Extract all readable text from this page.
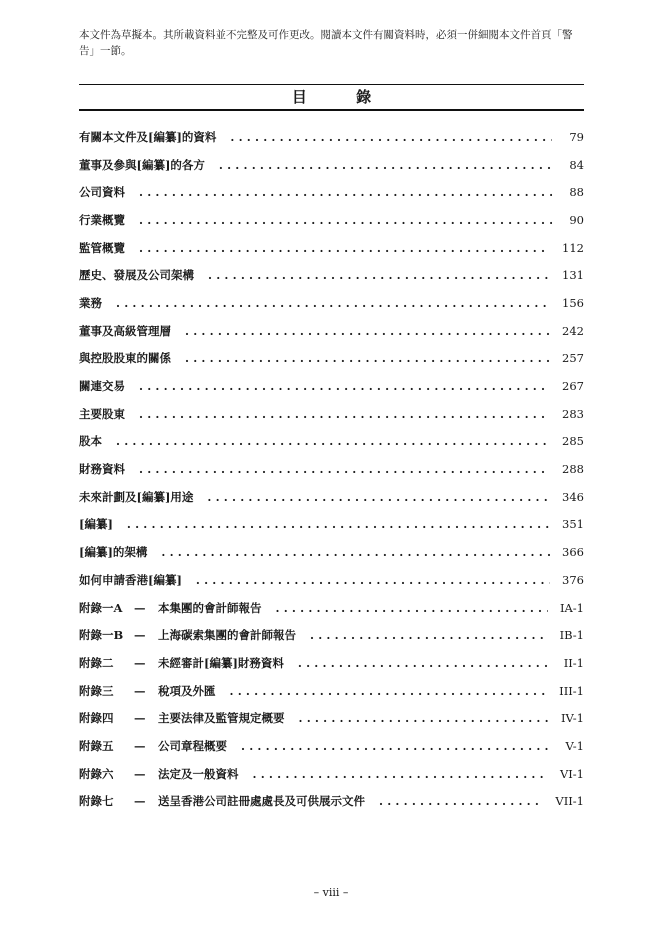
本文件為草擬本。其所載資料並不完整及可作更改。閱讀本文件有關資料時，必須一併細閱本文件首頁「警告」一節。
目 錄
有關本文件及[編纂]的資料 .....	79
董事及參與[編纂]的各方 .....	84
公司資料 .....	88
行業概覽 .....	90
監管概覽 .....	112
歷史、發展及公司架構 .....	131
業務 .....	156
董事及高級管理層 .....	242
與控股股東的關係 .....	257
關連交易 .....	267
主要股東 .....	283
股本 .....	285
財務資料 .....	288
未來計劃及[編纂]用途 .....	346
[編纂] .....	351
[編纂]的架構 .....	366
如何申請香港[編纂] .....	376
附錄一A	—	本集團的會計師報告 .....	IA-1
附錄一B —	上海碳索集團的會計師報告 .....	IB-1
附錄二	—	未經審計[編纂]財務資料 .....	II-1
附錄三	—	稅項及外匯 .....	III-1
附錄四	—	主要法律及監管規定概要 .....	IV-1
附錄五	—	公司章程概要 .....	V-1
附錄六	—	法定及一般資料 .....	VI-1
附錄七	—	送呈香港公司註冊處處長及可供展示文件 .....	VII-1
– viii –
